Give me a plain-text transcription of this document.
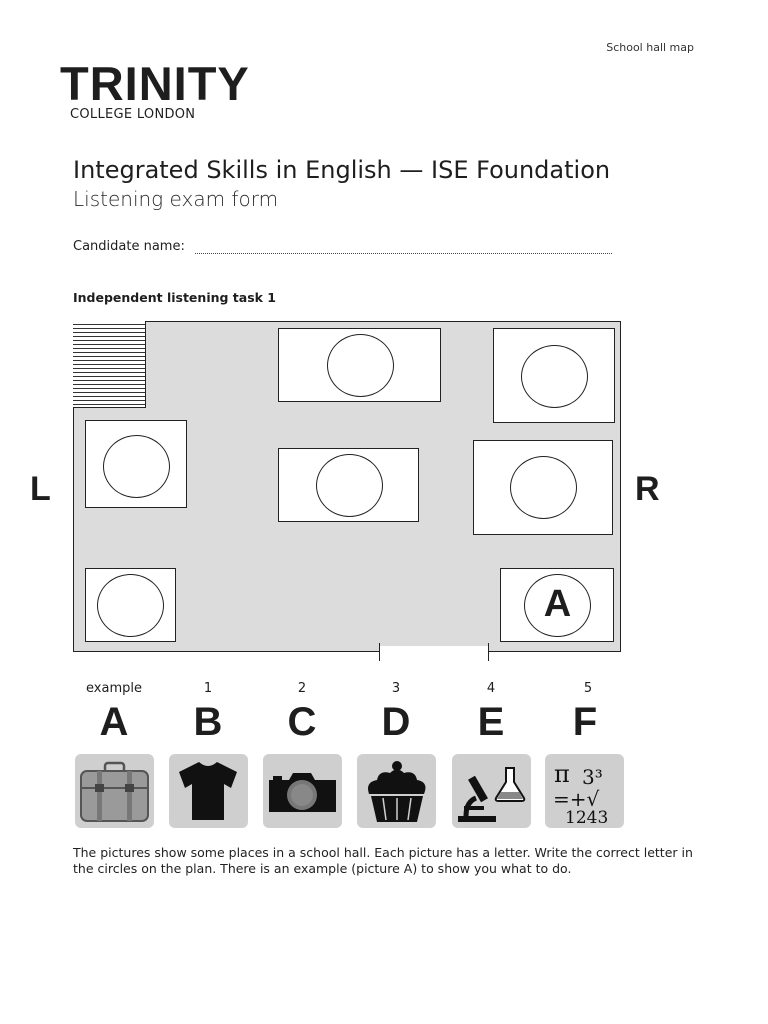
School hall map
TRINITY
COLLEGE LONDON
Integrated Skills in English — ISE Foundation
Listening exam form
Candidate name:
Independent listening task 1
A
L	R
example	1	2	3	4	5
A	B	C	D	E	F
π 3³
=+√
1243
The pictures show some places in a school hall. Each picture has a letter. Write the correct letter in the circles on the plan. There is an example (picture A) to show you what to do.
